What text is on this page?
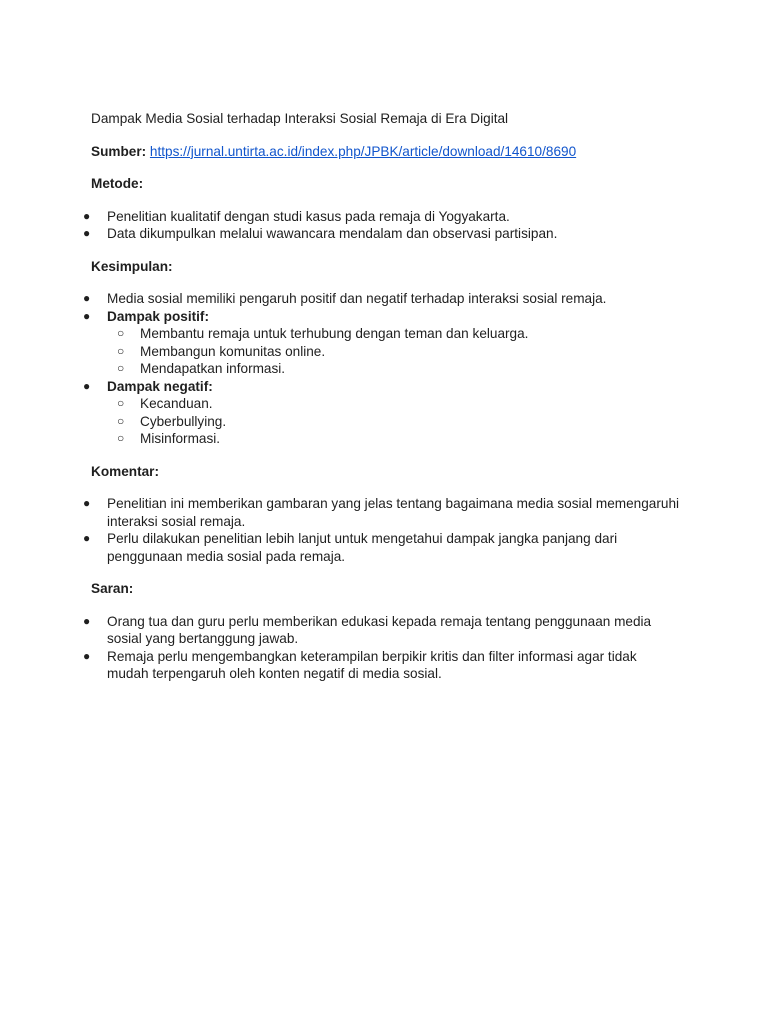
Dampak Media Sosial terhadap Interaksi Sosial Remaja di Era Digital
Sumber: https://jurnal.untirta.ac.id/index.php/JPBK/article/download/14610/8690
Metode:
● Penelitian kualitatif dengan studi kasus pada remaja di Yogyakarta.
● Data dikumpulkan melalui wawancara mendalam dan observasi partisipan.
Kesimpulan:
● Media sosial memiliki pengaruh positif dan negatif terhadap interaksi sosial remaja.
● Dampak positif:
○ Membantu remaja untuk terhubung dengan teman dan keluarga.
○ Membangun komunitas online.
○ Mendapatkan informasi.
● Dampak negatif:
○ Kecanduan.
○ Cyberbullying.
○ Misinformasi.
Komentar:
● Penelitian ini memberikan gambaran yang jelas tentang bagaimana media sosial memengaruhi interaksi sosial remaja.
● Perlu dilakukan penelitian lebih lanjut untuk mengetahui dampak jangka panjang dari penggunaan media sosial pada remaja.
Saran:
● Orang tua dan guru perlu memberikan edukasi kepada remaja tentang penggunaan media sosial yang bertanggung jawab.
● Remaja perlu mengembangkan keterampilan berpikir kritis dan filter informasi agar tidak mudah terpengaruh oleh konten negatif di media sosial.
